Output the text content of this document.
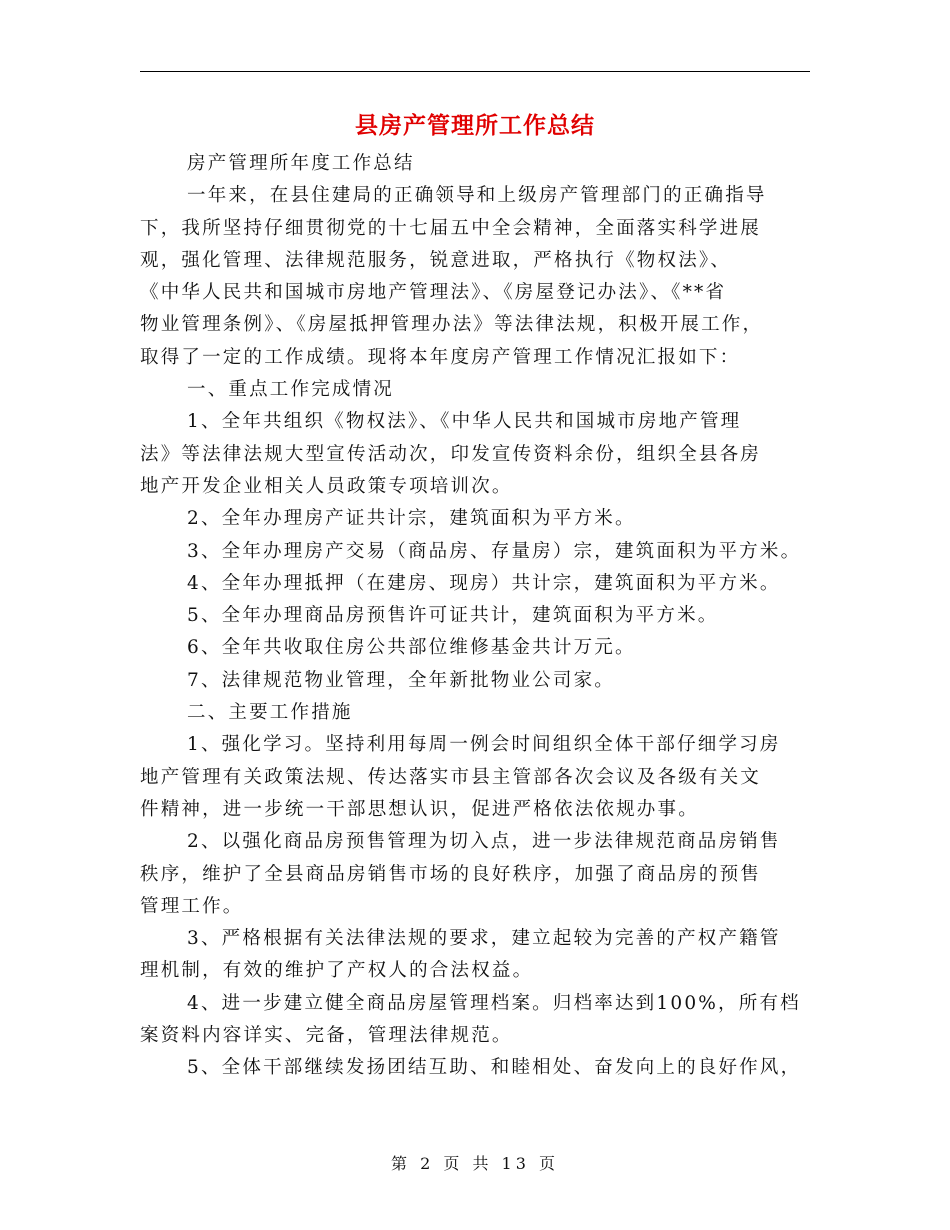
县房产管理所工作总结
房产管理所年度工作总结
一年来，在县住建局的正确领导和上级房产管理部门的正确指导
下，我所坚持仔细贯彻党的十七届五中全会精神，全面落实科学进展
观，强化管理、法律规范服务，锐意进取，严格执行《物权法》、
《中华人民共和国城市房地产管理法》、《房屋登记办法》、《**省
物业管理条例》、《房屋抵押管理办法》等法律法规，积极开展工作，
取得了一定的工作成绩。现将本年度房产管理工作情况汇报如下：
一、重点工作完成情况
1、全年共组织《物权法》、《中华人民共和国城市房地产管理
法》等法律法规大型宣传活动次，印发宣传资料余份，组织全县各房
地产开发企业相关人员政策专项培训次。
2、全年办理房产证共计宗，建筑面积为平方米。
3、全年办理房产交易（商品房、存量房）宗，建筑面积为平方米。
4、全年办理抵押（在建房、现房）共计宗，建筑面积为平方米。
5、全年办理商品房预售许可证共计，建筑面积为平方米。
6、全年共收取住房公共部位维修基金共计万元。
7、法律规范物业管理，全年新批物业公司家。
二、主要工作措施
1、强化学习。坚持利用每周一例会时间组织全体干部仔细学习房
地产管理有关政策法规、传达落实市县主管部各次会议及各级有关文
件精神，进一步统一干部思想认识，促进严格依法依规办事。
2、以强化商品房预售管理为切入点，进一步法律规范商品房销售
秩序，维护了全县商品房销售市场的良好秩序，加强了商品房的预售
管理工作。
3、严格根据有关法律法规的要求，建立起较为完善的产权产籍管
理机制，有效的维护了产权人的合法权益。
4、进一步建立健全商品房屋管理档案。归档率达到100%，所有档
案资料内容详实、完备，管理法律规范。
5、全体干部继续发扬团结互助、和睦相处、奋发向上的良好作风，
第 2 页 共 13 页
